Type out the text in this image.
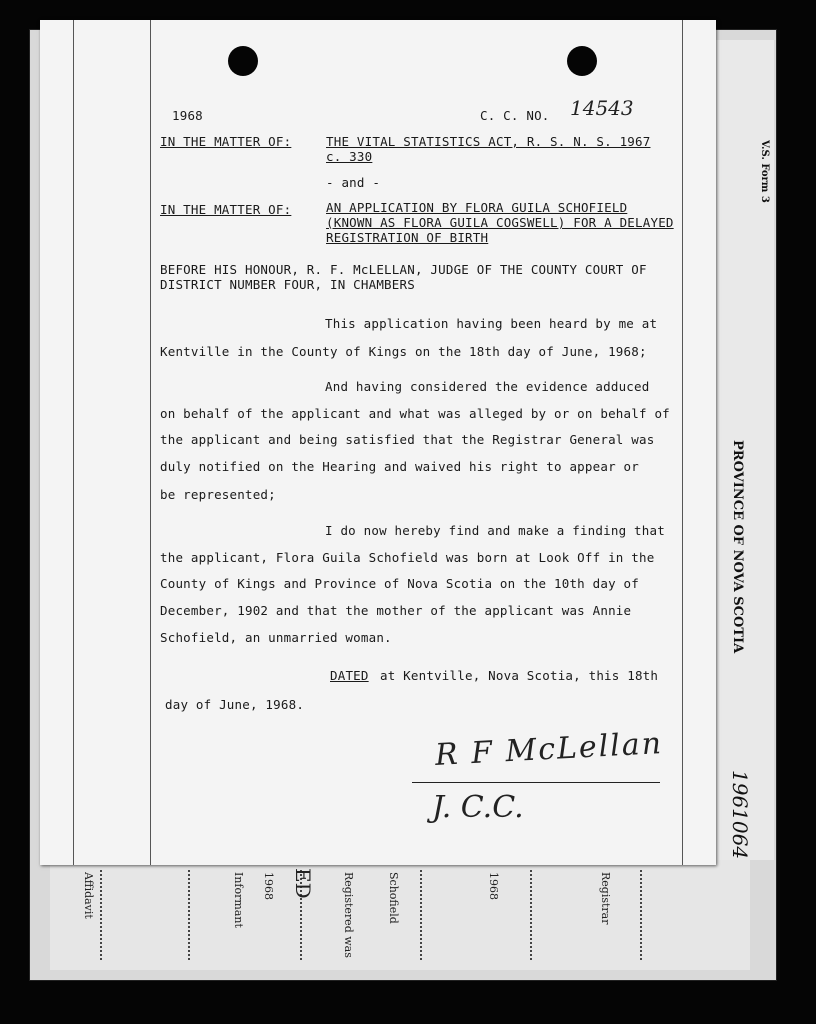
Affidavit	Informant 1968 ED Registered was	Schofield	1968	Registrar
V.S. Form 3
PROVINCE OF NOVA SCOTIA
1961064
1968	C. C. NO. 14543
IN THE MATTER OF:	THE VITAL STATISTICS ACT, R. S. N. S. 1967
c. 330
- and -
IN THE MATTER OF:	AN APPLICATION BY FLORA GUILA SCHOFIELD
(KNOWN AS FLORA GUILA COGSWELL) FOR A DELAYED
REGISTRATION OF BIRTH
BEFORE HIS HONOUR, R. F. McLELLAN, JUDGE OF THE COUNTY COURT OF
DISTRICT NUMBER FOUR, IN CHAMBERS
This application having been heard by me at
Kentville in the County of Kings on the 18th day of June, 1968;
And having considered the evidence adduced
on behalf of the applicant and what was alleged by or on behalf of
the applicant and being satisfied that the Registrar General was
duly notified on the Hearing and waived his right to appear or
be represented;
I do now hereby find and make a finding that
the applicant, Flora Guila Schofield was born at Look Off in the
County of Kings and Province of Nova Scotia on the 10th day of
December, 1902 and that the mother of the applicant was Annie
Schofield, an unmarried woman.
DATED at Kentville, Nova Scotia, this 18th
day of June, 1968.
R F McLellan
J. C.C.
